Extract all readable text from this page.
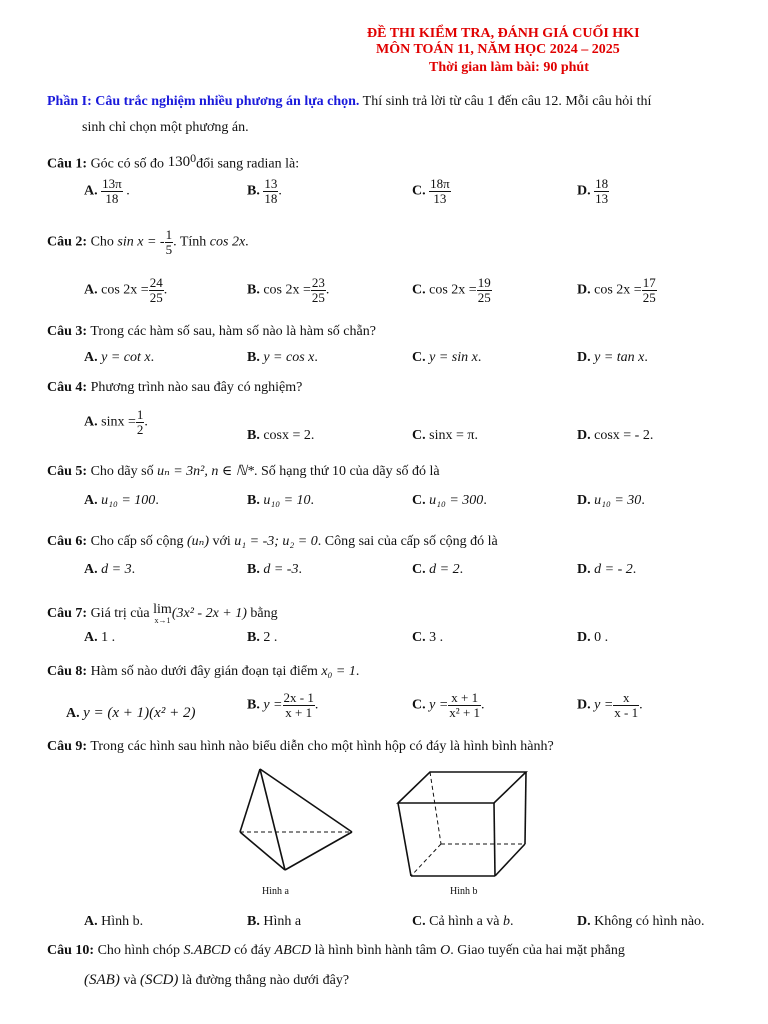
ĐỀ THI KIỂM TRA, ĐÁNH GIÁ CUỐI HKI
MÔN TOÁN 11, NĂM HỌC 2024 – 2025
Thời gian làm bài: 90 phút
Phần I: Câu trắc nghiệm nhiều phương án lựa chọn. Thí sinh trả lời từ câu 1 đến câu 12. Mỗi câu hỏi thí
sinh chỉ chọn một phương án.
Câu 1: Góc có số đo $130^0đổi$ sang radian là:
A. $\frac{13\pi}{18}$ .	B. $\frac{13}{18}$ .	C. $\frac{18\pi}{13}$	D. $\frac{18}{13}$
Câu 2: Cho sin x = - $\frac{1}{5}$ . Tính cos 2x.
A. $\cos 2x = \frac{24}{25}$ .	B. $\cos 2x = \frac{23}{25}$ .	C. $\cos 2x = \frac{19}{25}$	D. $\cos 2x = \frac{17}{25}$
Câu 3: Trong các hàm số sau, hàm số nào là hàm số chẵn?
A. y = cot x.	B. y = cos x.	C. y = sin x.	D. y = tan x.
Câu 4: Phương trình nào sau đây có nghiệm?
A. $\sin x = \frac{1}{2}$ .
B. cosx = 2.	C. sinx = π.	D. cosx = - 2.
Câu 5: Cho dãy số uₙ = 3n², n ∈ ℕ*. Số hạng thứ 10 của dãy số đó là
A. u₁₀ = 100.	B. u₁₀ = 10.	C. u₁₀ = 300.	D. u₁₀ = 30.
Câu 6: Cho cấp số cộng (uₙ) với u₁ = -3; u₂ = 0. Công sai của cấp số cộng đó là
A. d = 3.	B. d = -3.	C. d = 2.	D. d = - 2.
Câu 7: Giá trị của lim
x→1 (3x² - 2x + 1) bằng
A. 1 .	B. 2 .	C. 3 .	D. 0 .
Câu 8: Hàm số nào dưới đây gián đoạn tại điểm x₀ = 1.
A. y = (x + 1)(x² + 2)
B. $y = \frac{2x - 1}{x + 1}$ .	C. $y = \frac{x + 1}{\text{x² + 1}}$ .	D. $y = \frac{x}{x - 1}$ .
Câu 9: Trong các hình sau hình nào biểu diễn cho một hình hộp có đáy là hình bình hành?
Hình a	Hình b
A. Hình b.	B. Hình a	C. Cả hình a và b.	D. Không có hình nào.
Câu 10: Cho hình chóp S.ABCD có đáy ABCD là hình bình hành tâm O. Giao tuyến của hai mặt phẳng
(SAB) và (SCD) là đường thẳng nào dưới đây?
